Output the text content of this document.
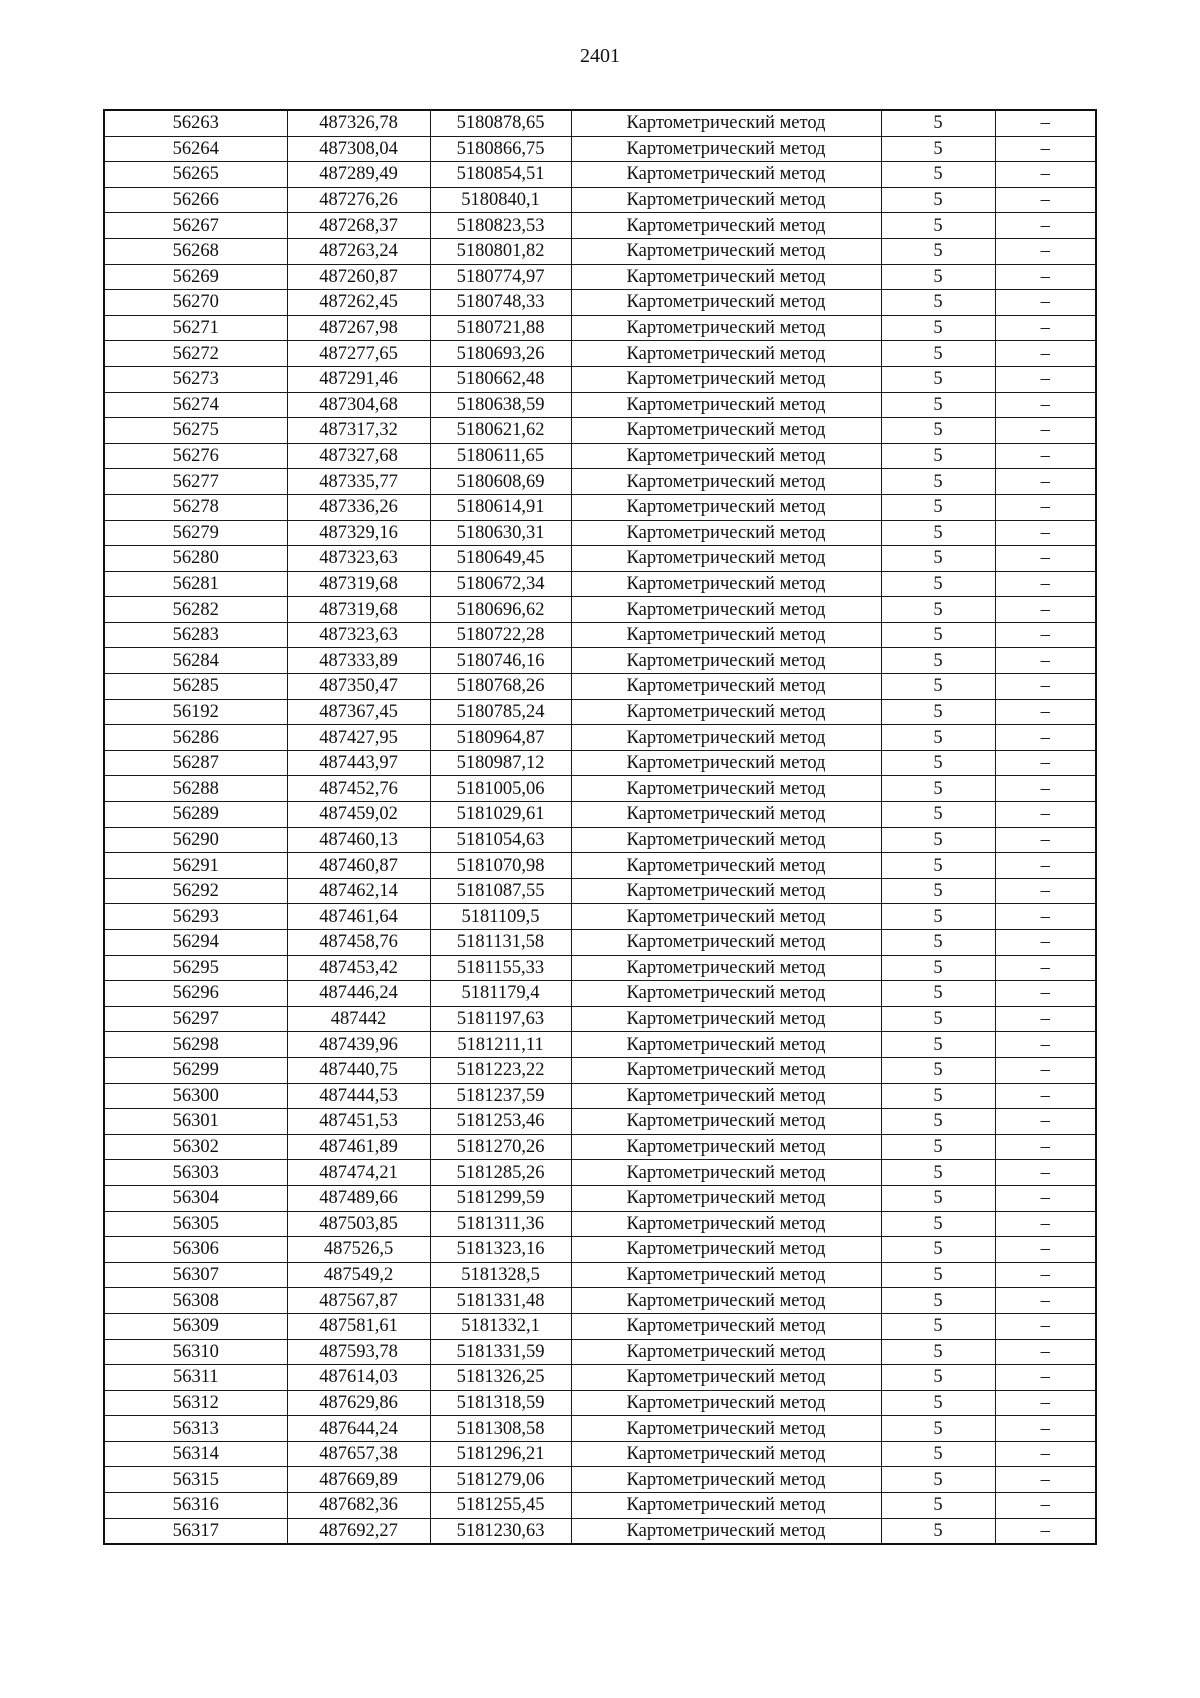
2401
56263	487326,78	5180878,65	Картометрический метод	5	–
56264	487308,04	5180866,75	Картометрический метод	5	–
56265	487289,49	5180854,51	Картометрический метод	5	–
56266	487276,26	5180840,1	Картометрический метод	5	–
56267	487268,37	5180823,53	Картометрический метод	5	–
56268	487263,24	5180801,82	Картометрический метод	5	–
56269	487260,87	5180774,97	Картометрический метод	5	–
56270	487262,45	5180748,33	Картометрический метод	5	–
56271	487267,98	5180721,88	Картометрический метод	5	–
56272	487277,65	5180693,26	Картометрический метод	5	–
56273	487291,46	5180662,48	Картометрический метод	5	–
56274	487304,68	5180638,59	Картометрический метод	5	–
56275	487317,32	5180621,62	Картометрический метод	5	–
56276	487327,68	5180611,65	Картометрический метод	5	–
56277	487335,77	5180608,69	Картометрический метод	5	–
56278	487336,26	5180614,91	Картометрический метод	5	–
56279	487329,16	5180630,31	Картометрический метод	5	–
56280	487323,63	5180649,45	Картометрический метод	5	–
56281	487319,68	5180672,34	Картометрический метод	5	–
56282	487319,68	5180696,62	Картометрический метод	5	–
56283	487323,63	5180722,28	Картометрический метод	5	–
56284	487333,89	5180746,16	Картометрический метод	5	–
56285	487350,47	5180768,26	Картометрический метод	5	–
56192	487367,45	5180785,24	Картометрический метод	5	–
56286	487427,95	5180964,87	Картометрический метод	5	–
56287	487443,97	5180987,12	Картометрический метод	5	–
56288	487452,76	5181005,06	Картометрический метод	5	–
56289	487459,02	5181029,61	Картометрический метод	5	–
56290	487460,13	5181054,63	Картометрический метод	5	–
56291	487460,87	5181070,98	Картометрический метод	5	–
56292	487462,14	5181087,55	Картометрический метод	5	–
56293	487461,64	5181109,5	Картометрический метод	5	–
56294	487458,76	5181131,58	Картометрический метод	5	–
56295	487453,42	5181155,33	Картометрический метод	5	–
56296	487446,24	5181179,4	Картометрический метод	5	–
56297	487442	5181197,63	Картометрический метод	5	–
56298	487439,96	5181211,11	Картометрический метод	5	–
56299	487440,75	5181223,22	Картометрический метод	5	–
56300	487444,53	5181237,59	Картометрический метод	5	–
56301	487451,53	5181253,46	Картометрический метод	5	–
56302	487461,89	5181270,26	Картометрический метод	5	–
56303	487474,21	5181285,26	Картометрический метод	5	–
56304	487489,66	5181299,59	Картометрический метод	5	–
56305	487503,85	5181311,36	Картометрический метод	5	–
56306	487526,5	5181323,16	Картометрический метод	5	–
56307	487549,2	5181328,5	Картометрический метод	5	–
56308	487567,87	5181331,48	Картометрический метод	5	–
56309	487581,61	5181332,1	Картометрический метод	5	–
56310	487593,78	5181331,59	Картометрический метод	5	–
56311	487614,03	5181326,25	Картометрический метод	5	–
56312	487629,86	5181318,59	Картометрический метод	5	–
56313	487644,24	5181308,58	Картометрический метод	5	–
56314	487657,38	5181296,21	Картометрический метод	5	–
56315	487669,89	5181279,06	Картометрический метод	5	–
56316	487682,36	5181255,45	Картометрический метод	5	–
56317	487692,27	5181230,63	Картометрический метод	5	–
